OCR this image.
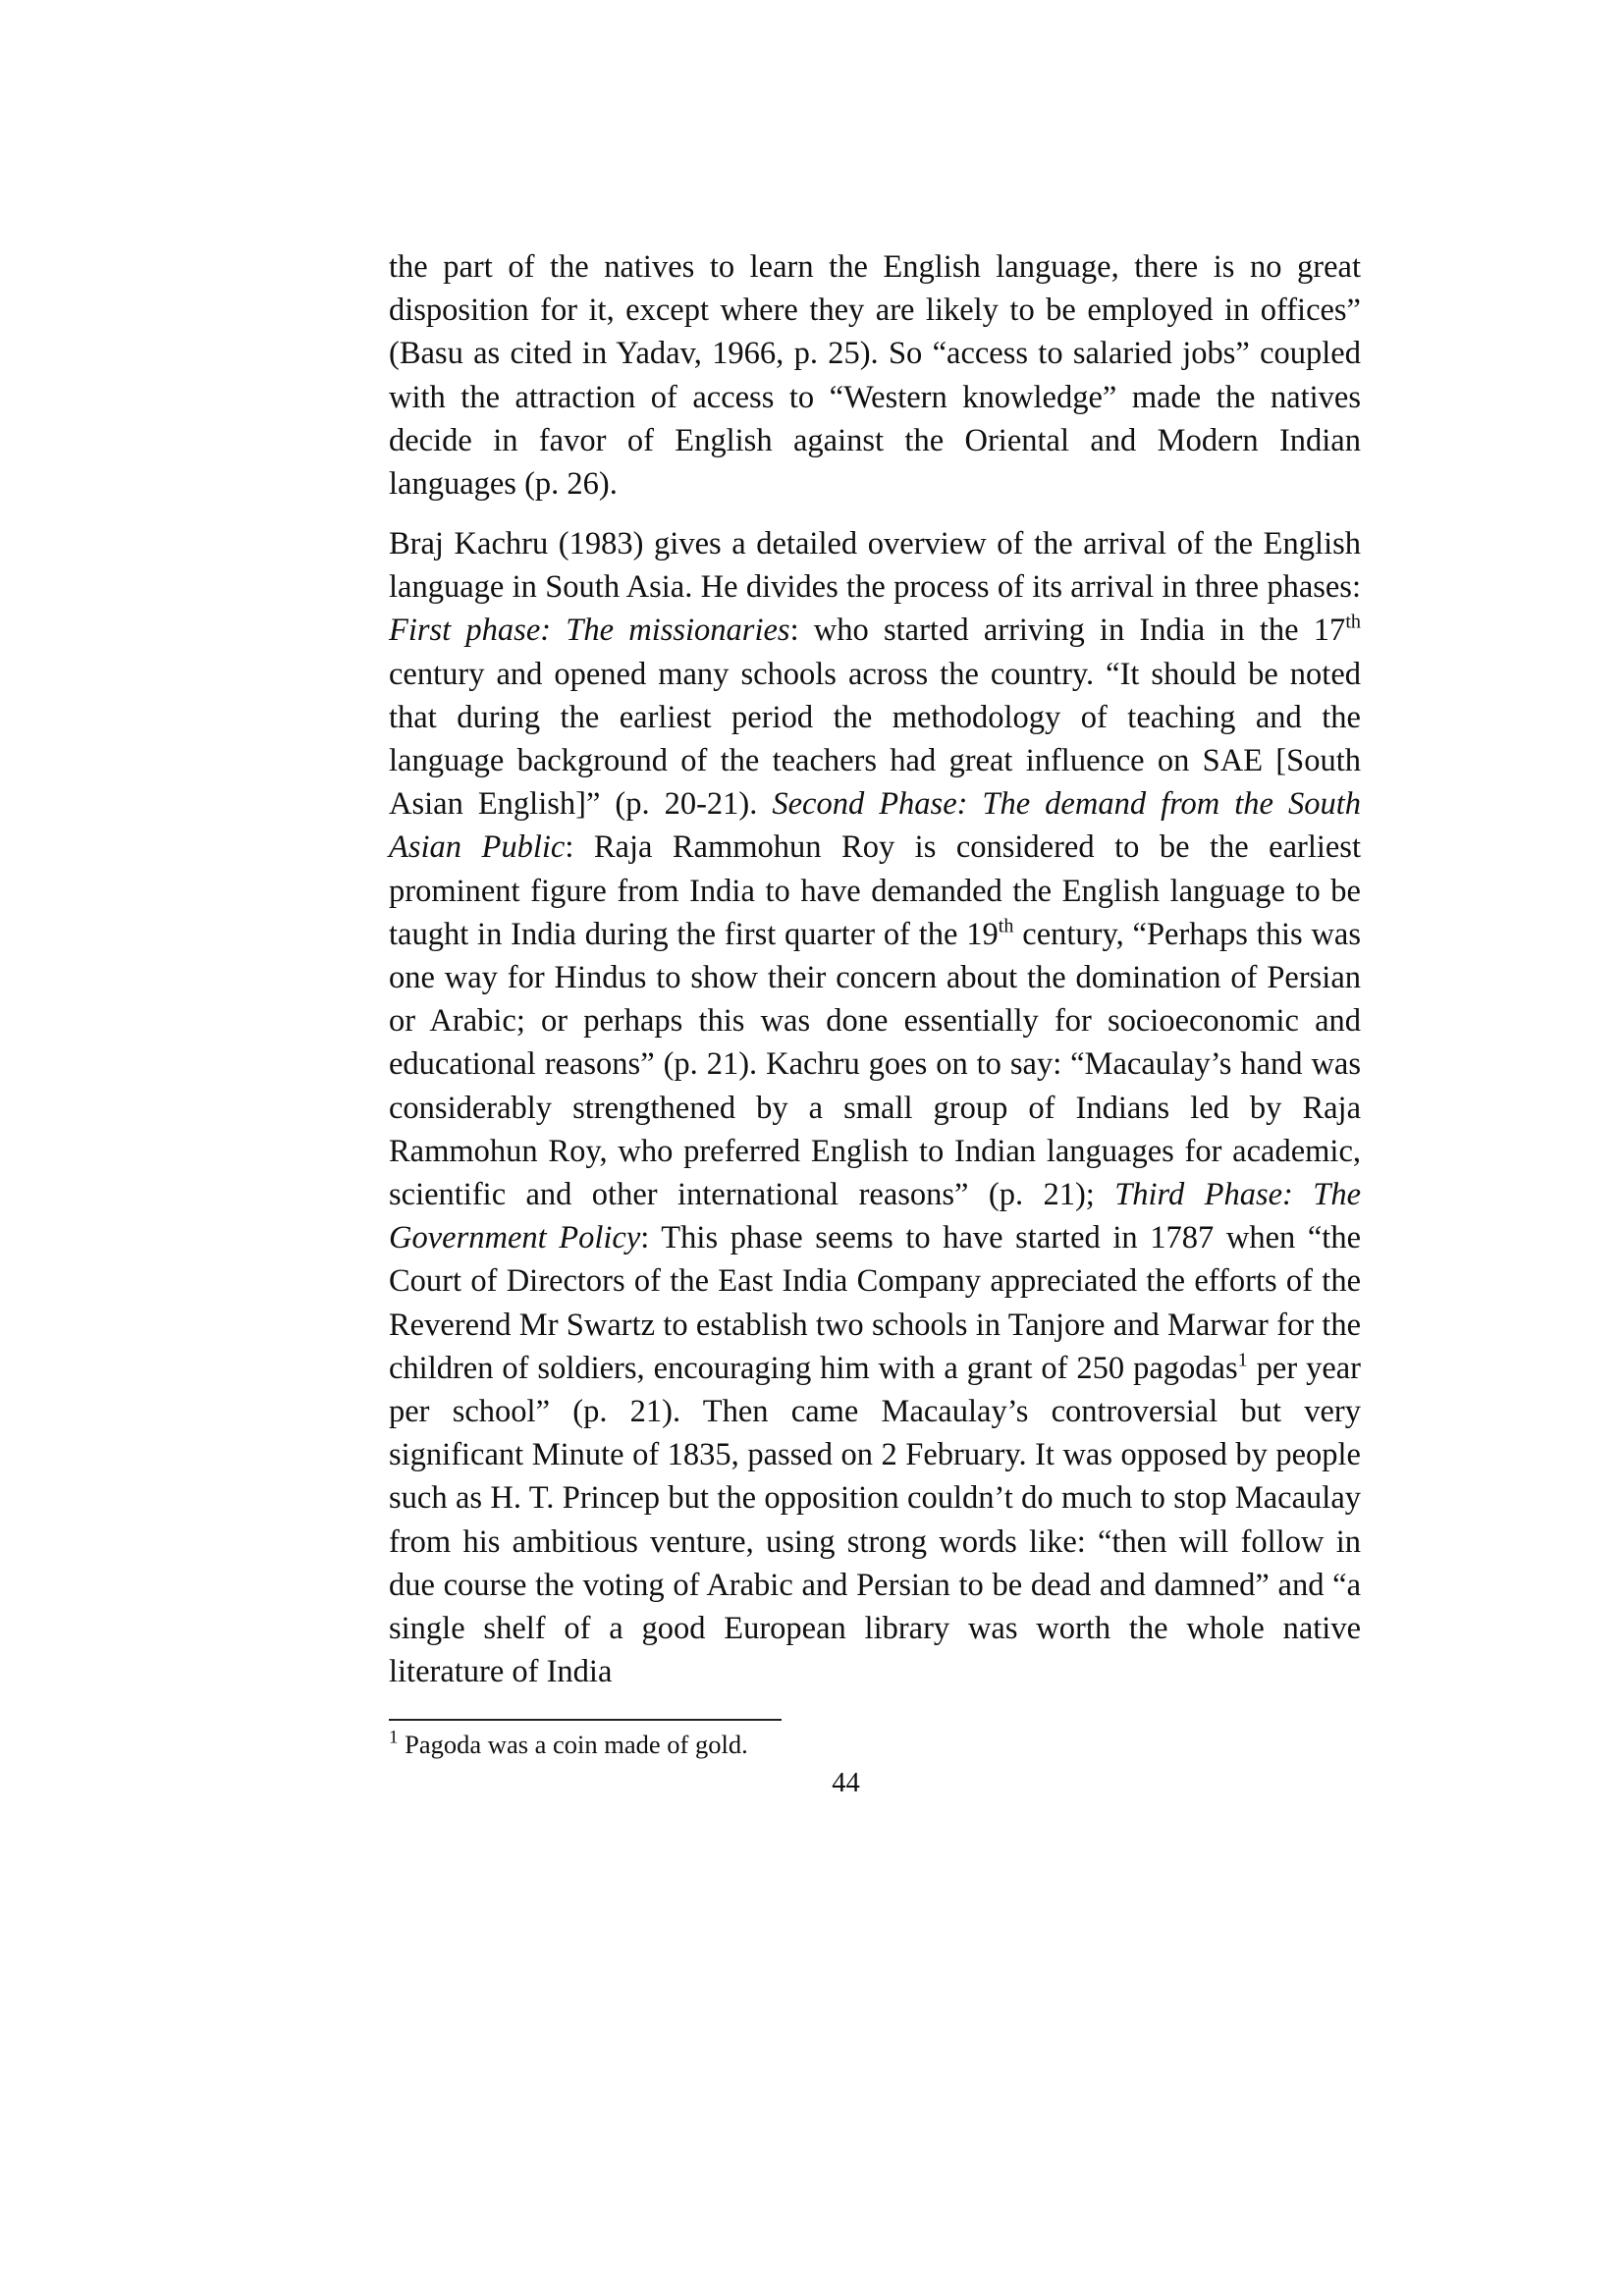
the part of the natives to learn the English language, there is no great disposition for it, except where they are likely to be employed in offices” (Basu as cited in Yadav, 1966, p. 25). So “access to salaried jobs” coupled with the attraction of access to “Western knowledge” made the natives decide in favor of English against the Oriental and Modern Indian languages (p. 26).

Braj Kachru (1983) gives a detailed overview of the arrival of the English language in South Asia. He divides the process of its arrival in three phases: First phase: The missionaries: who started arriving in India in the 17th century and opened many schools across the country. “It should be noted that during the earliest period the methodology of teaching and the language background of the teachers had great influence on SAE [South Asian English]” (p. 20-21). Second Phase: The demand from the South Asian Public: Raja Rammohun Roy is considered to be the earliest prominent figure from India to have demanded the English language to be taught in India during the first quarter of the 19th century, “Perhaps this was one way for Hindus to show their concern about the domination of Persian or Arabic; or perhaps this was done essentially for socioeconomic and educational reasons” (p. 21). Kachru goes on to say: “Macaulay’s hand was considerably strengthened by a small group of Indians led by Raja Rammohun Roy, who preferred English to Indian languages for academic, scientific and other international reasons” (p. 21); Third Phase: The Government Policy: This phase seems to have started in 1787 when “the Court of Directors of the East India Company appreciated the efforts of the Reverend Mr Swartz to establish two schools in Tanjore and Marwar for the children of soldiers, encouraging him with a grant of 250 pagodas$^1$ per year per school” (p. 21). Then came Macaulay’s controversial but very significant Minute of 1835, passed on 2 February. It was opposed by people such as H. T. Princep but the opposition couldn’t do much to stop Macaulay from his ambitious venture, using strong words like: “then will follow in due course the voting of Arabic and Persian to be dead and damned” and “a single shelf of a good European library was worth the whole native literature of India

$^1$ Pagoda was a coin made of gold.
44
